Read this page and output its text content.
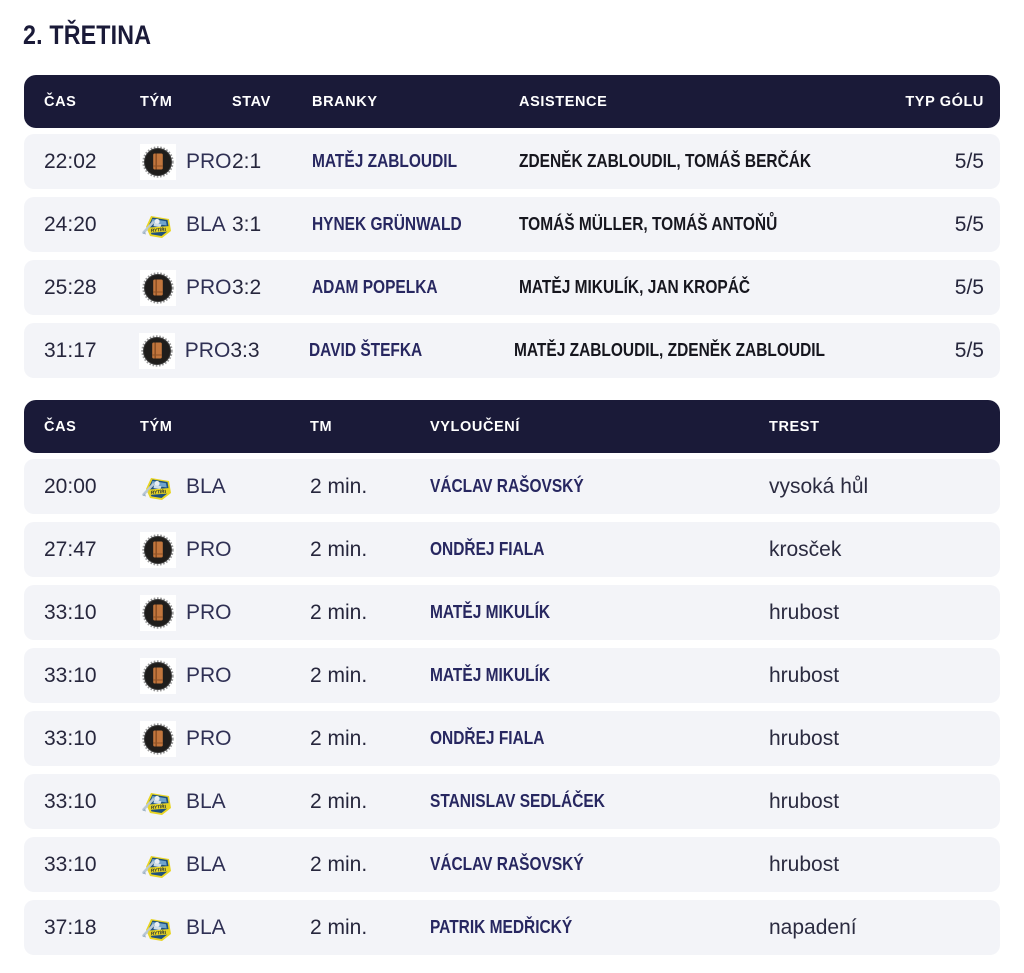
2. TŘETINA
ČAS	TÝM	STAV	BRANKY	ASISTENCE	TYP GÓLU
22:02	PRO 2:1	MATĚJ ZABLOUDIL	ZDENĚK ZABLOUDIL, TOMÁŠ BERČÁK	5/5
24:20	BLA 3:1	HYNEK GRÜNWALD	TOMÁŠ MÜLLER, TOMÁŠ ANTOŇŮ	5/5
25:28	PRO 3:2	ADAM POPELKA	MATĚJ MIKULÍK, JAN KROPÁČ	5/5
31:17	PRO 3:3	DAVID ŠTEFKA	MATĚJ ZABLOUDIL, ZDENĚK ZABLOUDIL	5/5
ČAS	TÝM	TM	VYLOUČENÍ	TREST
20:00	BLA	2 min.	VÁCLAV RAŠOVSKÝ	vysoká hůl
27:47	PRO	2 min.	ONDŘEJ FIALA	krosček
33:10	PRO	2 min.	MATĚJ MIKULÍK	hrubost
33:10	PRO	2 min.	MATĚJ MIKULÍK	hrubost
33:10	PRO	2 min.	ONDŘEJ FIALA	hrubost
33:10	BLA	2 min.	STANISLAV SEDLÁČEK	hrubost
33:10	BLA	2 min.	VÁCLAV RAŠOVSKÝ	hrubost
37:18	BLA	2 min.	PATRIK MEDŘICKÝ	napadení
